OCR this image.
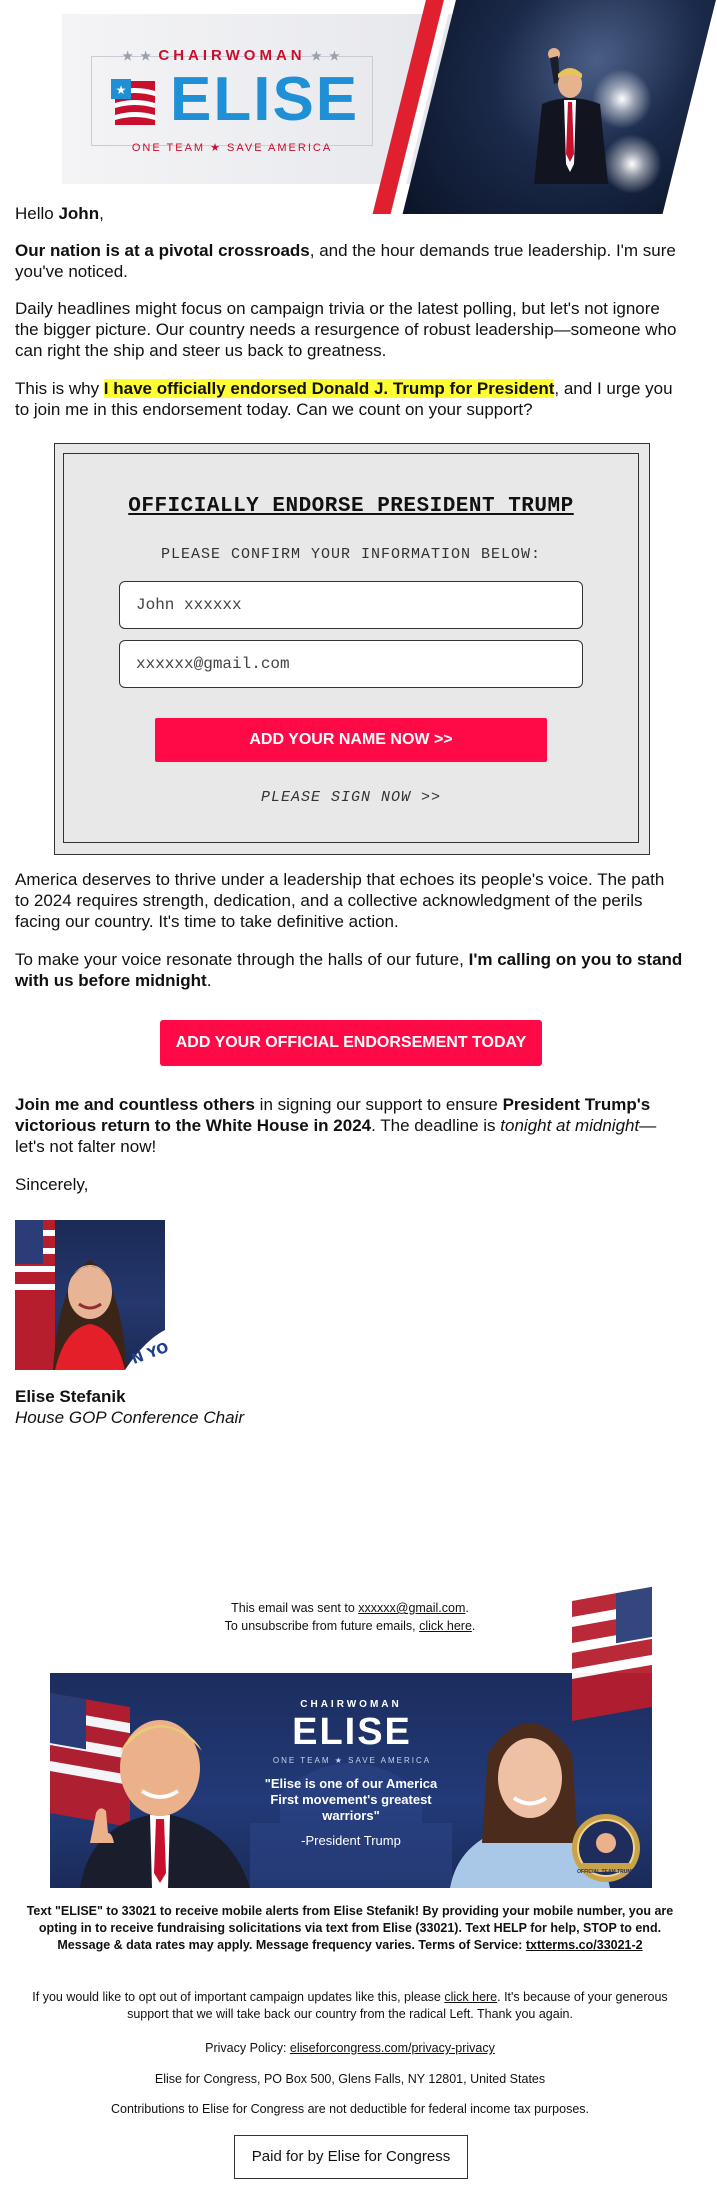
★ ★ CHAIRWOMAN ★ ★
★ ELISE
ONE TEAM ★ SAVE AMERICA
Hello John,
Our nation is at a pivotal crossroads, and the hour demands true leadership. I'm sure you've noticed.
Daily headlines might focus on campaign trivia or the latest polling, but let's not ignore the bigger picture. Our country needs a resurgence of robust leadership—someone who can right the ship and steer us back to greatness.
This is why I have officially endorsed Donald J. Trump for President, and I urge you to join me in this endorsement today. Can we count on your support?
OFFICIALLY ENDORSE PRESIDENT TRUMP
PLEASE CONFIRM YOUR INFORMATION BELOW:
John xxxxxx
xxxxxx@gmail.com
ADD YOUR NAME NOW >>
PLEASE SIGN NOW >>
America deserves to thrive under a leadership that echoes its people's voice. The path to 2024 requires strength, dedication, and a collective acknowledgment of the perils facing our country. It's time to take definitive action.
To make your voice resonate through the halls of our future, I'm calling on you to stand with us before midnight.
ADD YOUR OFFICIAL ENDORSEMENT TODAY
Join me and countless others in signing our support to ensure President Trump's victorious return to the White House in 2024. The deadline is tonight at midnight—let's not falter now!
Sincerely,
N YO
Elise Stefanik
House GOP Conference Chair
This email was sent to xxxxxx@gmail.com.
To unsubscribe from future emails, click here.
CHAIRWOMAN
ELISE
ONE TEAM ★ SAVE AMERICA
"Elise is one of our America First movement's greatest warriors"
-President Trump
OFFICIAL TEAM TRUMP
Text "ELISE" to 33021 to receive mobile alerts from Elise Stefanik! By providing your mobile number, you are opting in to receive fundraising solicitations via text from Elise (33021). Text HELP for help, STOP to end. Message & data rates may apply. Message frequency varies. Terms of Service: txtterms.co/33021-2
If you would like to opt out of important campaign updates like this, please click here. It's because of your generous support that we will take back our country from the radical Left. Thank you again.
Privacy Policy: eliseforcongress.com/privacy-privacy
Elise for Congress, PO Box 500, Glens Falls, NY 12801, United States
Contributions to Elise for Congress are not deductible for federal income tax purposes.
Paid for by Elise for Congress
